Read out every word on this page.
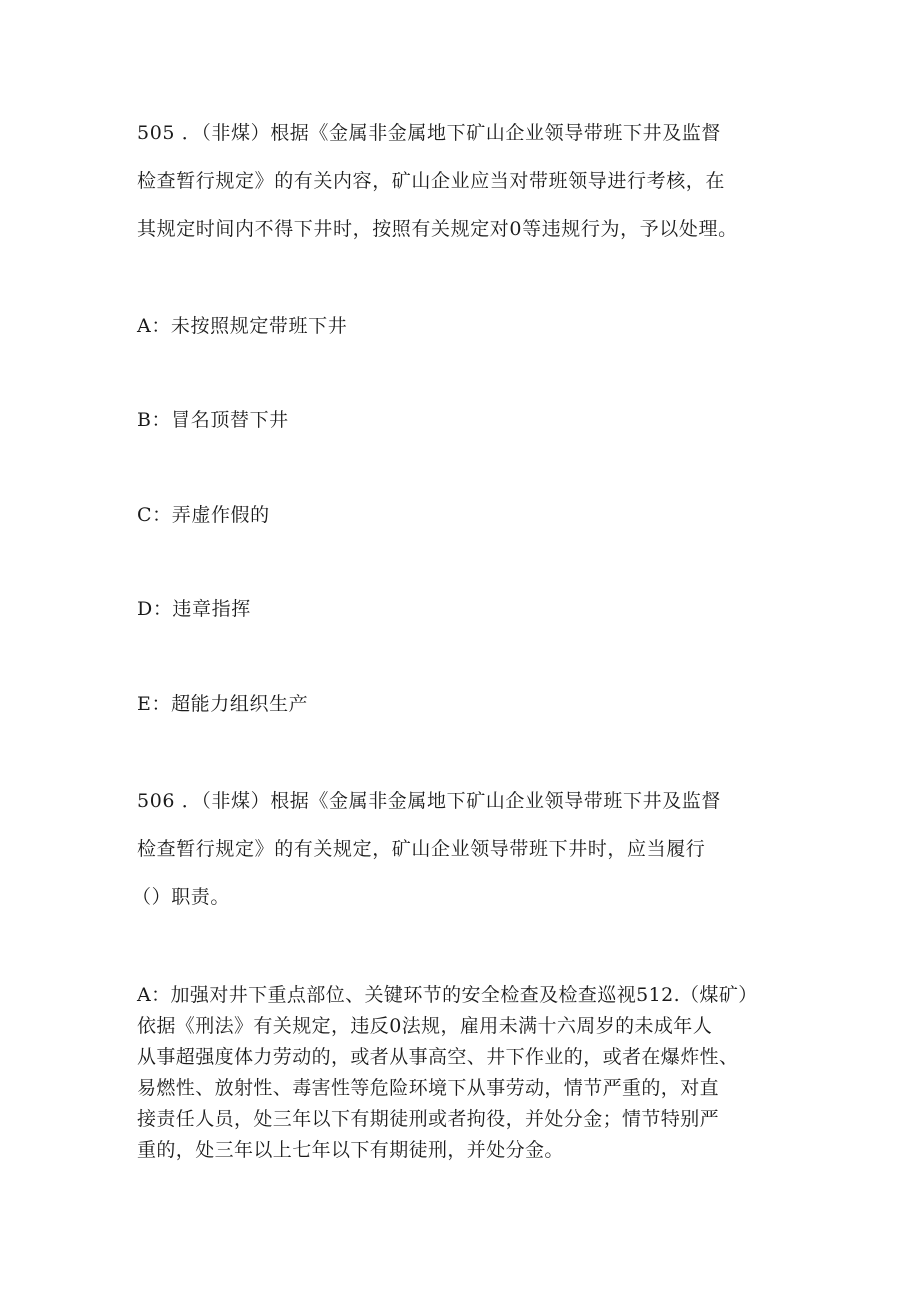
505 ．（非煤）根据《金属非金属地下矿山企业领导带班下井及监督
检查暂行规定》的有关内容，矿山企业应当对带班领导进行考核，在
其规定时间内不得下井时，按照有关规定对0等违规行为，予以处理。
A：未按照规定带班下井
B：冒名顶替下井
C：弄虚作假的
D：违章指挥
E：超能力组织生产
506 ．（非煤）根据《金属非金属地下矿山企业领导带班下井及监督
检查暂行规定》的有关规定，矿山企业领导带班下井时，应当履行
（）职责。
A：加强对井下重点部位、关键环节的安全检查及检查巡视512.（煤矿）
依据《刑法》有关规定，违反0法规，雇用未满十六周岁的未成年人
从事超强度体力劳动的，或者从事高空、井下作业的，或者在爆炸性、
易燃性、放射性、毒害性等危险环境下从事劳动，情节严重的，对直
接责任人员，处三年以下有期徒刑或者拘役，并处分金；情节特别严
重的，处三年以上七年以下有期徒刑，并处分金。
